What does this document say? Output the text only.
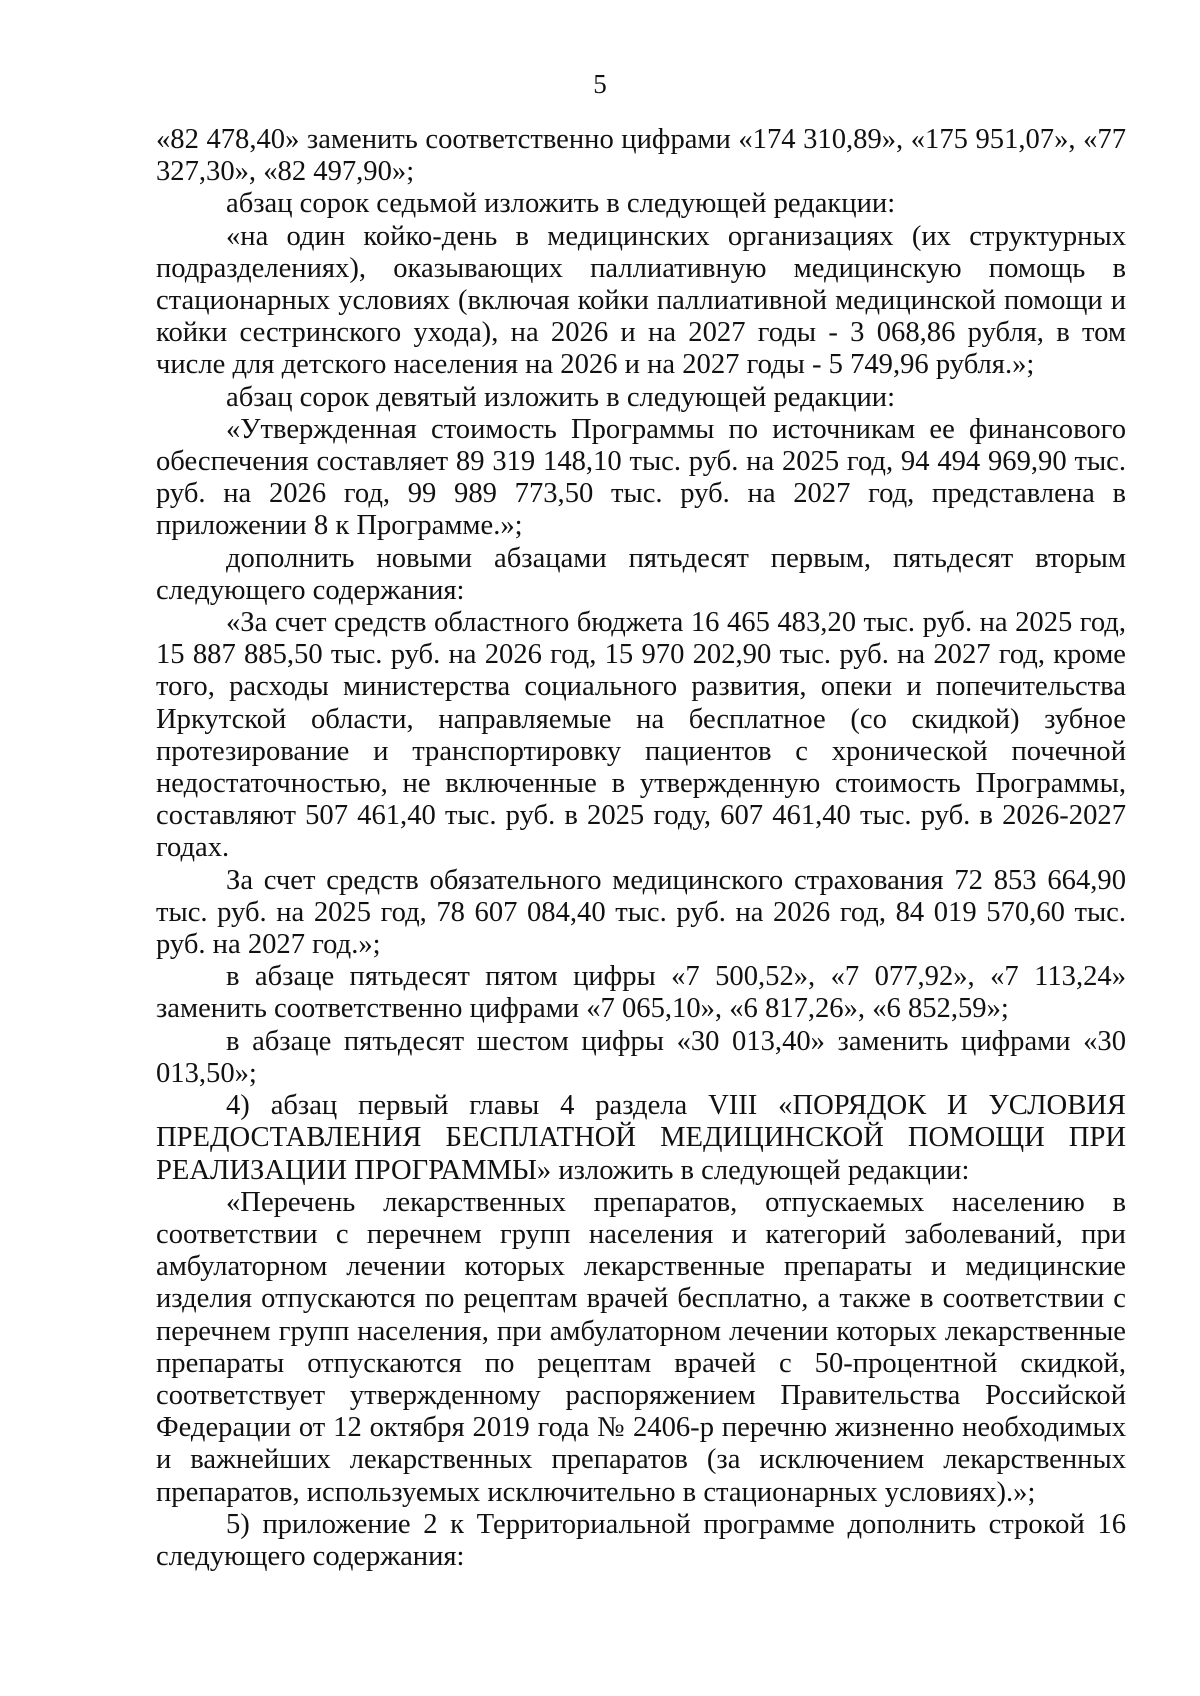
5

«82 478,40» заменить соответственно цифрами «174 310,89», «175 951,07», «77 327,30», «82 497,90»;

абзац сорок седьмой изложить в следующей редакции:

«на один койко-день в медицинских организациях (их структурных подразделениях), оказывающих паллиативную медицинскую помощь в стационарных условиях (включая койки паллиативной медицинской помощи и койки сестринского ухода), на 2026 и на 2027 годы - 3 068,86 рубля, в том числе для детского населения на 2026 и на 2027 годы - 5 749,96 рубля.»;

абзац сорок девятый изложить в следующей редакции:

«Утвержденная стоимость Программы по источникам ее финансового обеспечения составляет 89 319 148,10 тыс. руб. на 2025 год, 94 494 969,90 тыс. руб. на 2026 год, 99 989 773,50 тыс. руб. на 2027 год, представлена в приложении 8 к Программе.»;

дополнить новыми абзацами пятьдесят первым, пятьдесят вторым следующего содержания:

«За счет средств областного бюджета 16 465 483,20 тыс. руб. на 2025 год, 15 887 885,50 тыс. руб. на 2026 год, 15 970 202,90 тыс. руб. на 2027 год, кроме того, расходы министерства социального развития, опеки и попечительства Иркутской области, направляемые на бесплатное (со скидкой) зубное протезирование и транспортировку пациентов с хронической почечной недостаточностью, не включенные в утвержденную стоимость Программы, составляют 507 461,40 тыс. руб. в 2025 году, 607 461,40 тыс. руб. в 2026-2027 годах.

За счет средств обязательного медицинского страхования 72 853 664,90 тыс. руб. на 2025 год, 78 607 084,40 тыс. руб. на 2026 год, 84 019 570,60 тыс. руб. на 2027 год.»;

в абзаце пятьдесят пятом цифры «7 500,52», «7 077,92», «7 113,24» заменить соответственно цифрами «7 065,10», «6 817,26», «6 852,59»;

в абзаце пятьдесят шестом цифры «30 013,40» заменить цифрами «30 013,50»;

4) абзац первый главы 4 раздела VIII «ПОРЯДОК И УСЛОВИЯ ПРЕДОСТАВЛЕНИЯ БЕСПЛАТНОЙ МЕДИЦИНСКОЙ ПОМОЩИ ПРИ РЕАЛИЗАЦИИ ПРОГРАММЫ» изложить в следующей редакции:

«Перечень лекарственных препаратов, отпускаемых населению в соответствии с перечнем групп населения и категорий заболеваний, при амбулаторном лечении которых лекарственные препараты и медицинские изделия отпускаются по рецептам врачей бесплатно, а также в соответствии с перечнем групп населения, при амбулаторном лечении которых лекарственные препараты отпускаются по рецептам врачей с 50-процентной скидкой, соответствует утвержденному распоряжением Правительства Российской Федерации от 12 октября 2019 года № 2406-р перечню жизненно необходимых и важнейших лекарственных препаратов (за исключением лекарственных препаратов, используемых исключительно в стационарных условиях).»;

5) приложение 2 к Территориальной программе дополнить строкой 16 следующего содержания:
